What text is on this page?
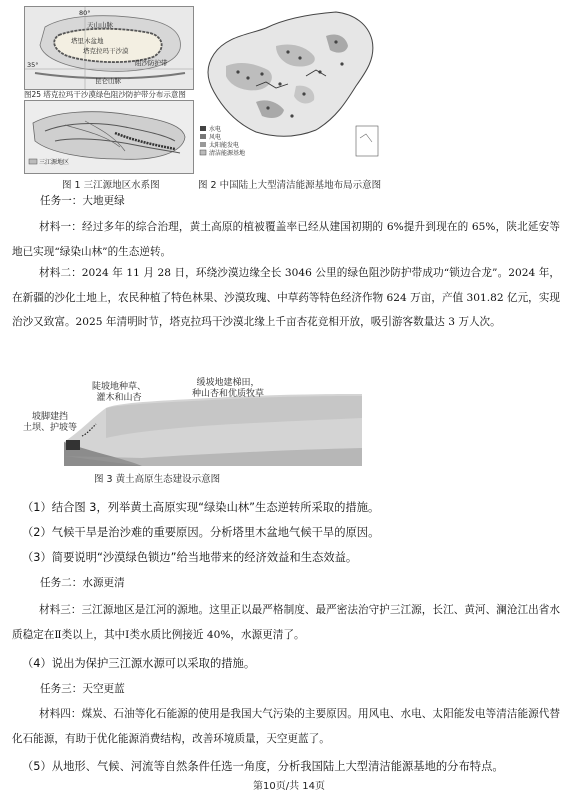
80°
35°
天山山脉
塔里木盆地
塔克拉玛干沙漠
阻沙防护带
昆仑山脉
图25 塔克拉玛干沙漠绿色阻沙防护带分布示意图
三江源地区
图 1 三江源地区水系图
水电
风电
太阳能发电
清洁能源基地
图 2 中国陆上大型清洁能源基地布局示意图
任务一：大地更绿
材料一：经过多年的综合治理，黄土高原的植被覆盖率已经从建国初期的 6%提升到现在的 65%，陕北延安等地已实现“绿染山林”的生态逆转。
材料二：2024 年 11 月 28 日，环绕沙漠边缘全长 3046 公里的绿色阻沙防护带成功“锁边合龙”。2024 年，在新疆的沙化土地上，农民种植了特色林果、沙漠玫瑰、中草药等特色经济作物 624 万亩，产值 301.82 亿元，实现治沙又致富。2025 年清明时节，塔克拉玛干沙漠北缘上千亩杏花竞相开放，吸引游客数量达 3 万人次。
坡脚建挡
土坝、护坡等
陡坡地种草、
灌木和山杏
缓坡地建梯田，
种山杏和优质牧草
图 3 黄土高原生态建设示意图
（1）结合图 3，列举黄土高原实现“绿染山林”生态逆转所采取的措施。
（2）气候干旱是治沙难的重要原因。分析塔里木盆地气候干旱的原因。
（3）简要说明“沙漠绿色锁边”给当地带来的经济效益和生态效益。
任务二：水源更清
材料三：三江源地区是江河的源地。这里正以最严格制度、最严密法治守护三江源，长江、黄河、澜沧江出省水质稳定在Ⅱ类以上，其中Ⅰ类水质比例接近 40%，水源更清了。
（4）说出为保护三江源水源可以采取的措施。
任务三：天空更蓝
材料四：煤炭、石油等化石能源的使用是我国大气污染的主要原因。用风电、水电、太阳能发电等清洁能源代替化石能源，有助于优化能源消费结构，改善环境质量，天空更蓝了。
（5）从地形、气候、河流等自然条件任选一角度，分析我国陆上大型清洁能源基地的分布特点。
第10页/共 14页
